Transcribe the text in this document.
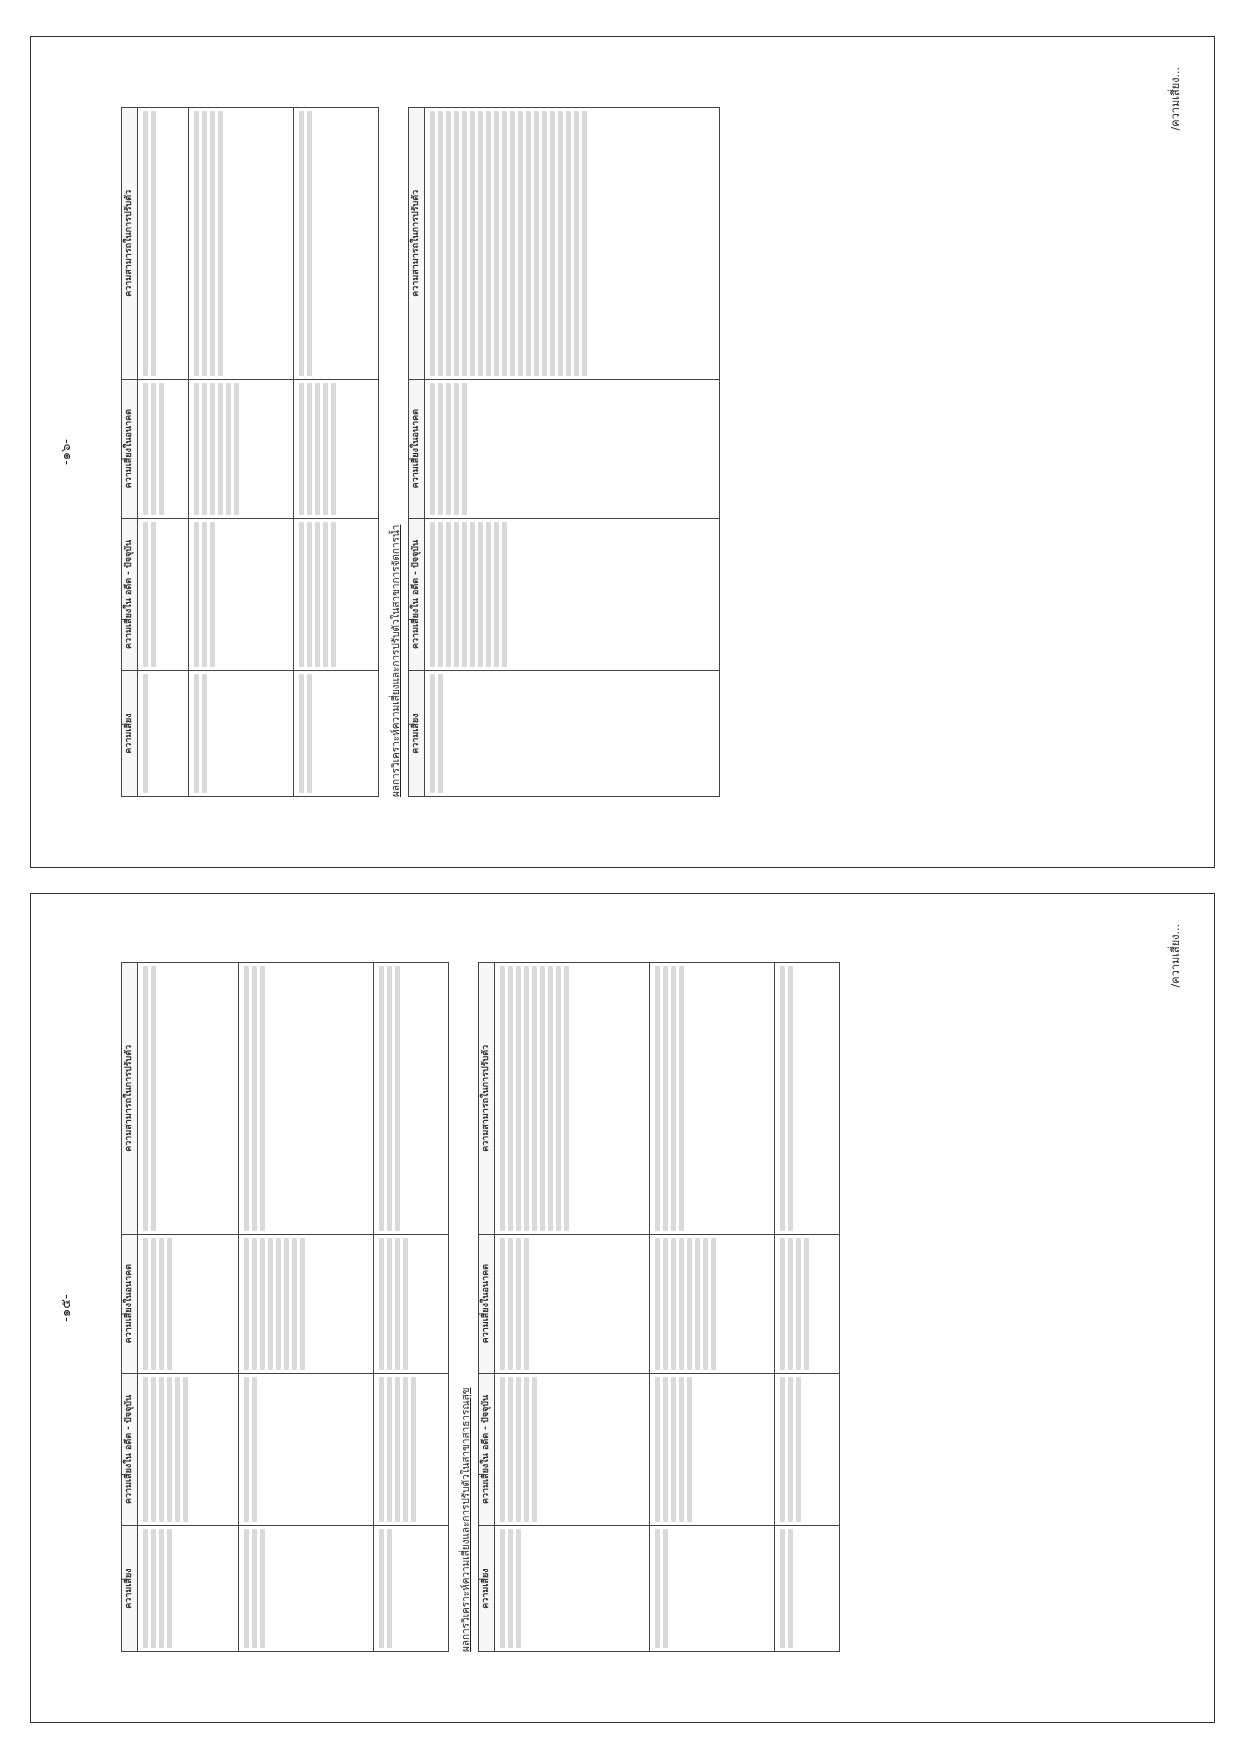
-๑๖-
ความเสี่ยง	ความเสี่ยงใน อดีต - ปัจจุบัน	ความเสี่ยงในอนาคต	ความสามารถในการปรับตัว

ผลการวิเคราะห์ความเสี่ยงและการปรับตัวในสาขาการจัดการน้ำ ความเสี่ยง	ความเสี่ยงใน อดีต - ปัจจุบัน	ความเสี่ยงในอนาคต	ความสามารถในการปรับตัว

/ความเสี่ยง...
-๑๕-
ความเสี่ยง	ความเสี่ยงใน อดีต - ปัจจุบัน	ความเสี่ยงในอนาคต	ความสามารถในการปรับตัว

ผลการวิเคราะห์ความเสี่ยงและการปรับตัวในสาขาสาธารณสุข ความเสี่ยง	ความเสี่ยงใน อดีต - ปัจจุบัน	ความเสี่ยงในอนาคต	ความสามารถในการปรับตัว

/ความเสี่ยง...
